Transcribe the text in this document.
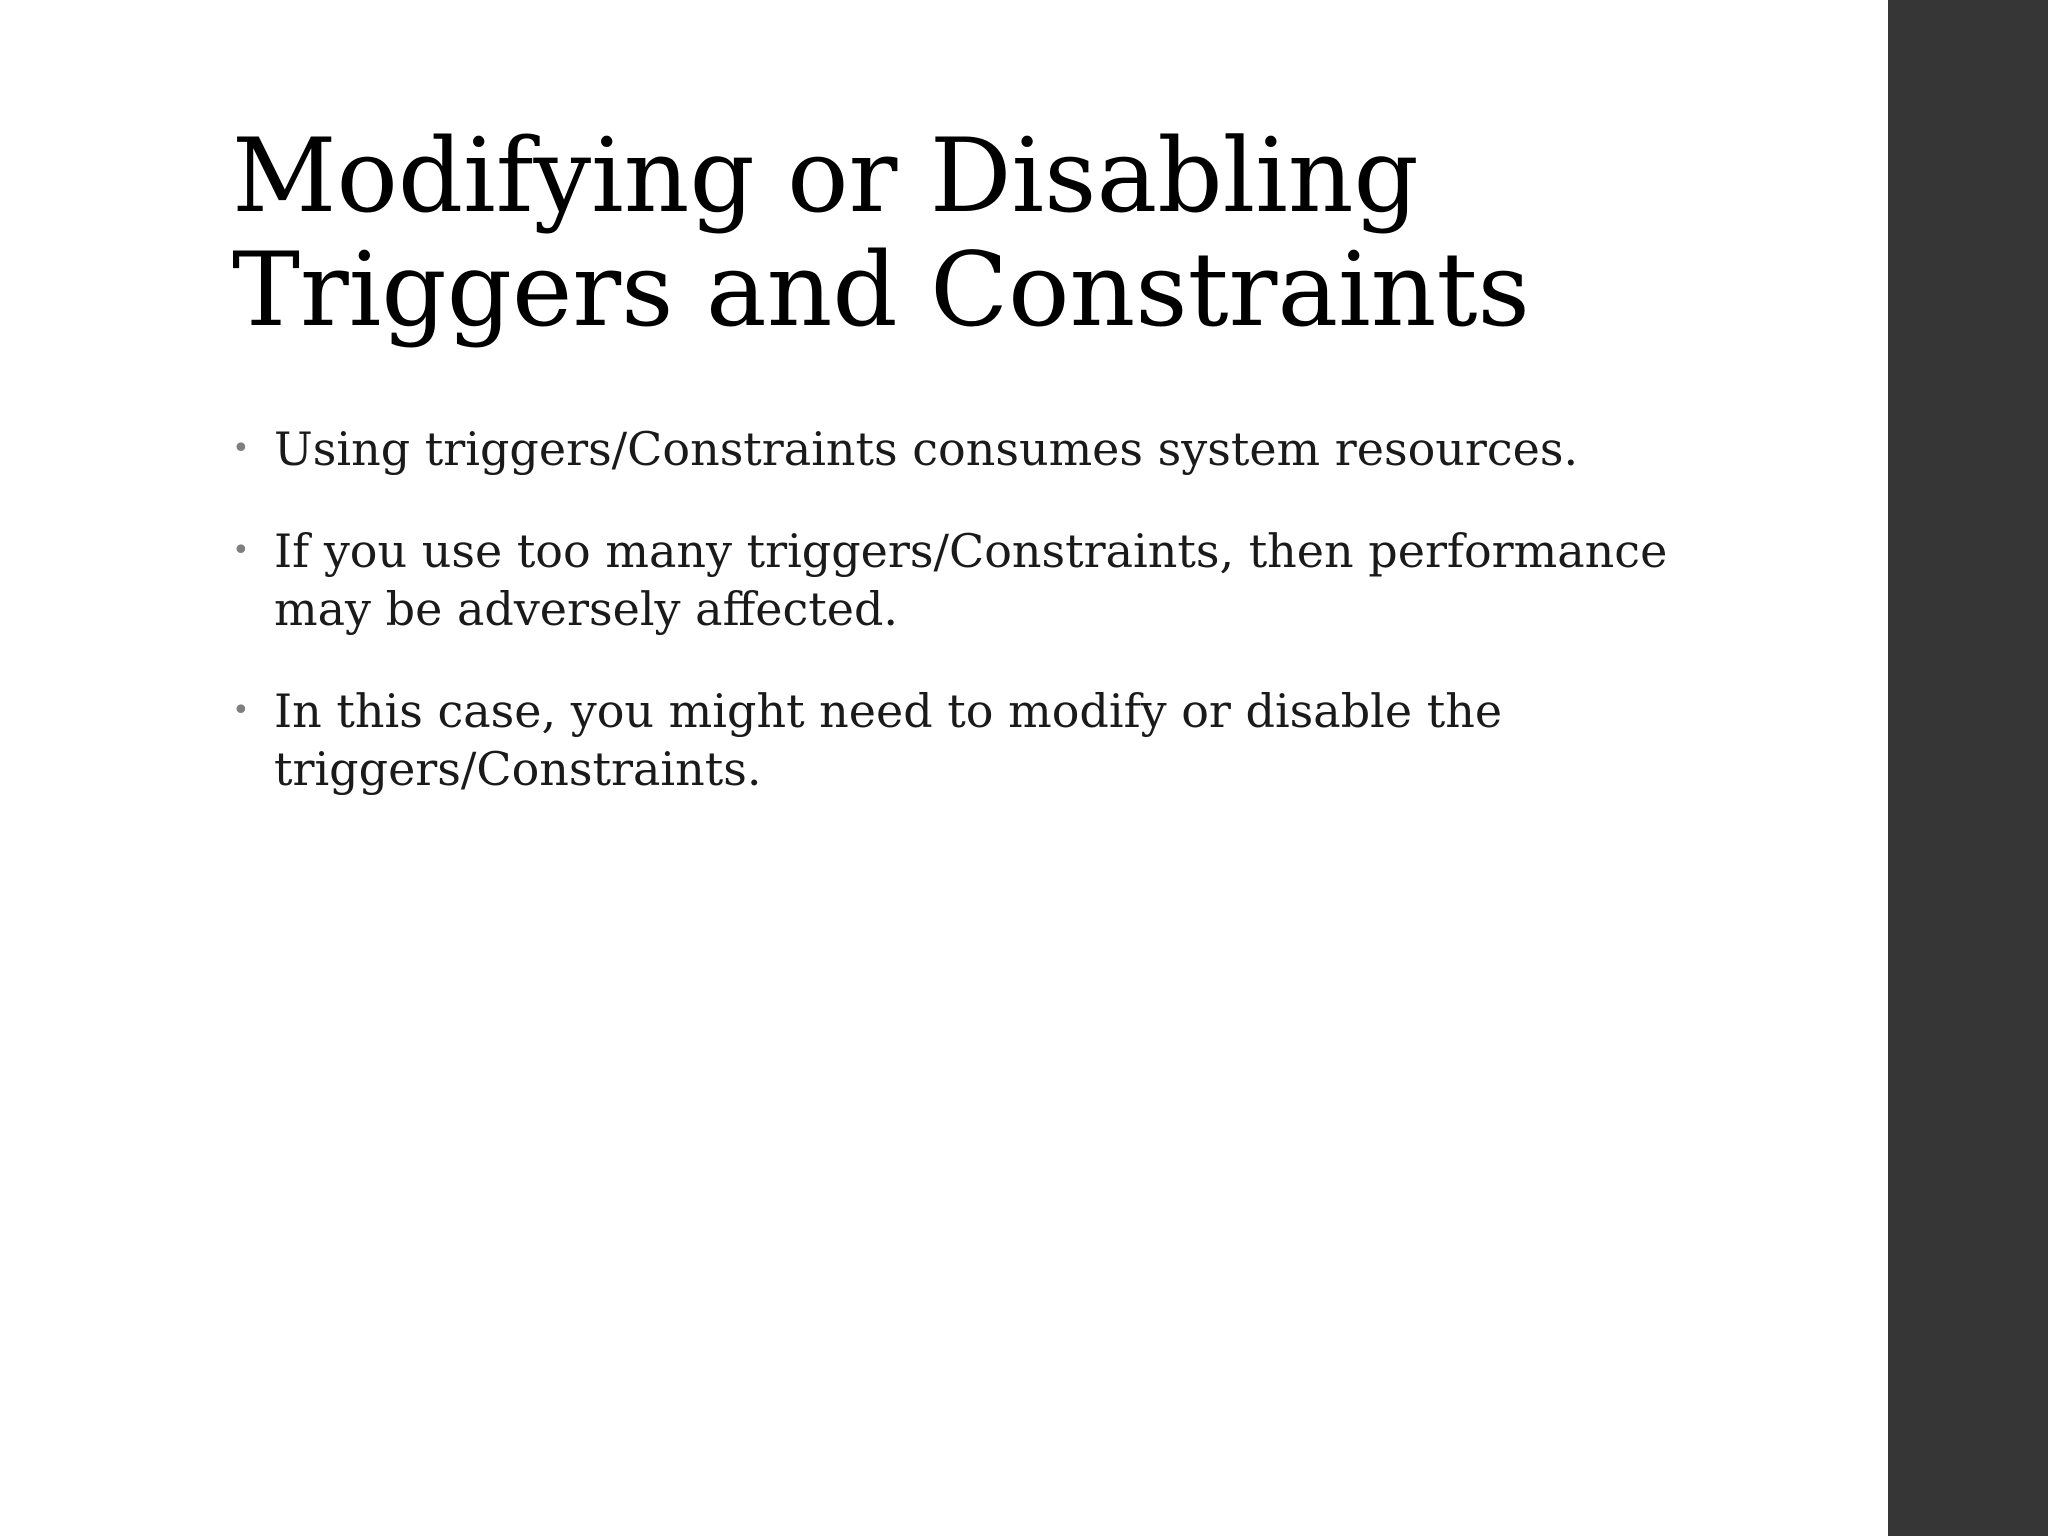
Modifying or Disabling
Triggers and Constraints
• Using triggers/Constraints consumes system resources.
• If you use too many triggers/Constraints, then performance may be adversely affected.
• In this case, you might need to modify or disable the triggers/Constraints.
